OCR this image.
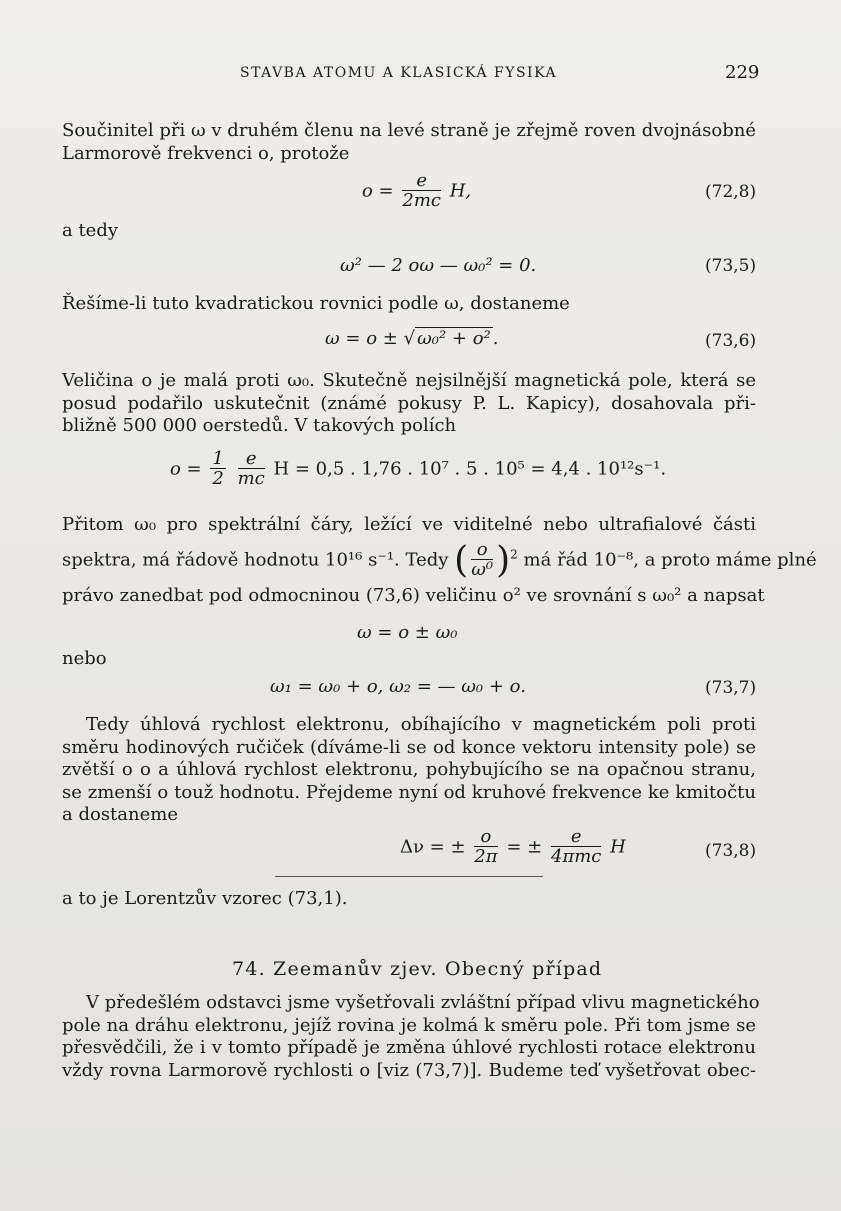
STAVBA ATOMU A KLASICKÁ FYSIKA	229
Součinitel při ω v druhém členu na levé straně je zřejmě roven dvojnásobné
Larmorově frekvenci o, protože
$o = \frac{e}{2mc} H$,	(72,8)
a tedy
ω² — 2 oω — ω₀² = 0.	(73,5)
Řešíme-li tuto kvadratickou rovnici podle ω, dostaneme
ω = o ± √ ω₀² + o² .	(73,6)
Veličina o je malá proti ω₀. Skutečně nejsilnější magnetická pole, která se
posud podařilo uskutečnit (známé pokusy P. L. Kapicy), dosahovala při-
bližně 500 000 oerstedů. V takových polích
$o = \frac{1}{2}$
$\frac{e}{mc}$ H = 0,5 . 1,76 . 10⁷ . 5 . 10⁵ = 4,4 . 10¹²s⁻¹.
Přitom ω₀ pro spektrální čáry, ležící ve viditelné nebo ultrafialové části
spektra, má řádově hodnotu 10¹⁶ s⁻¹. Tedy ( $\frac{o}{\text{ω⁰}} )^2$ má řád 10⁻⁸, a proto máme plné
právo zanedbat pod odmocninou (73,6) veličinu o² ve srovnání s ω₀² a napsat
ω = o ± ω₀
nebo
ω₁ = ω₀ + o, ω₂ = — ω₀ + o.	(73,7)
Tedy úhlová rychlost elektronu, obíhajícího v magnetickém poli proti
směru hodinových ručiček (díváme-li se od konce vektoru intensity pole) se
zvětší o o a úhlová rychlost elektronu, pohybujícího se na opačnou stranu,
se zmenší o touž hodnotu. Přejdeme nyní od kruhové frekvence ke kmitočtu
a dostaneme
Δν = ± $\frac{o}{2\pi}$ = ± $\frac{e}{\text{4πmc}}$ H	(73,8)
a to je Lorentzův vzorec (73,1).
74. Zeemanův zjev. Obecný případ
V předešlém odstavci jsme vyšetřovali zvláštní případ vlivu magnetického
pole na dráhu elektronu, jejíž rovina je kolmá k směru pole. Při tom jsme se
přesvědčili, že i v tomto případě je změna úhlové rychlosti rotace elektronu
vždy rovna Larmorově rychlosti o [viz (73,7)]. Budeme teď vyšetřovat obec-
